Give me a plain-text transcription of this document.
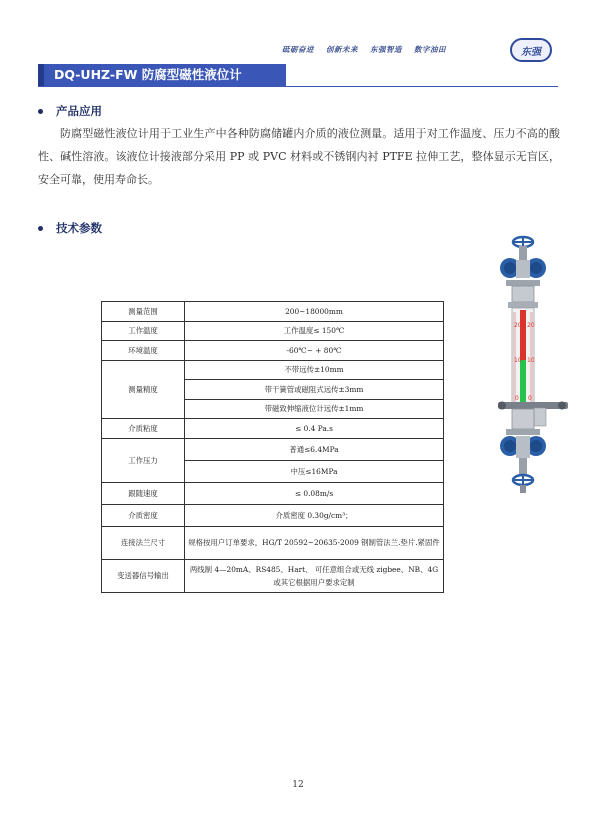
砥砺奋进 创新未来 东强智造 数字油田	东强
DQ-UHZ-FW 防腐型磁性液位计
产品应用
防腐型磁性液位计用于工业生产中各种防腐储罐内介质的液位测量。适用于对工作温度、压力不高的酸性、碱性溶液。该液位计接液部分采用 PP 或 PVC 材料或不锈钢内衬 PTFE 拉伸工艺，整体显示无盲区，安全可靠，使用寿命长。
技术参数
测量范围	200~18000mm
工作温度	工作温度≤ 150℃
环境温度	-60℃~ + 80℃
测量精度	不带远传±10mm
	带干簧管或磁阻式远传±3mm
	带磁致伸缩液位计远传±1mm
介质粘度	≤ 0.4 Pa.s
工作压力	普通≤6.4MPa
	中压≤16MPa
跟随速度	≤ 0.08m/s
介质密度	介质密度 0.30g/cm³；
连接法兰尺寸	规格按用户订单要求，HG/T 20592~20635-2009 钢制管法兰.垫片.紧固件
变送器信号输出	两线制 4—20mA、RS485、Hart、 可任意组合或无线 zigbee、NB、4G 或其它根据用户要求定制
20
10
0
20
10
0
12
